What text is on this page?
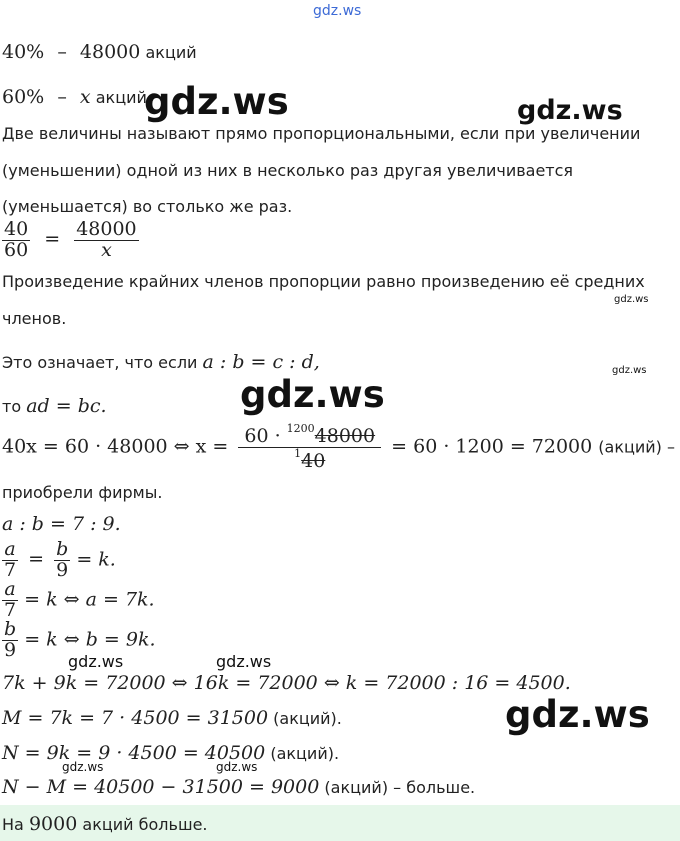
gdz.ws
40% – 48000 акций
60% – x акций
Две величины называют прямо пропорциональными, если при увеличении
(уменьшении) одной из них в несколько раз другая увеличивается
(уменьшается) во столько же раз.
$\frac{40}{60} = \frac{48000}{x}$
Произведение крайних членов пропорции равно произведению её средних
членов.
Это означает, что если a : b = c : d,
то ad = bc.
40x = 60 · 48000 ⇔ $x = \frac{60 \cdot ^{1200}48000}{^140} = 60 \cdot 1200 = 72000$ (акций) –
приобрели фирмы.
a : b = 7 : 9.
$\frac{a}{7} = \frac{b}{9} = k$.
$\frac{a}{7} = k$ ⇔ a = 7k.
$\frac{b}{9} = k$ ⇔ b = 9k.
7k + 9k = 72000 ⇔ 16k = 72000 ⇔ k = 72000 : 16 = 4500.
M = 7k = 7 · 4500 = 31500 (акций).
N = 9k = 9 · 4500 = 40500 (акций).
N − M = 40500 − 31500 = 9000 (акций) – больше.
На 9000 акций больше.
gdz.ws	gdz.ws
gdz.ws
gdz.ws
gdz.ws
gdz.ws	gdz.ws
gdz.ws
gdz.ws	gdz.ws
